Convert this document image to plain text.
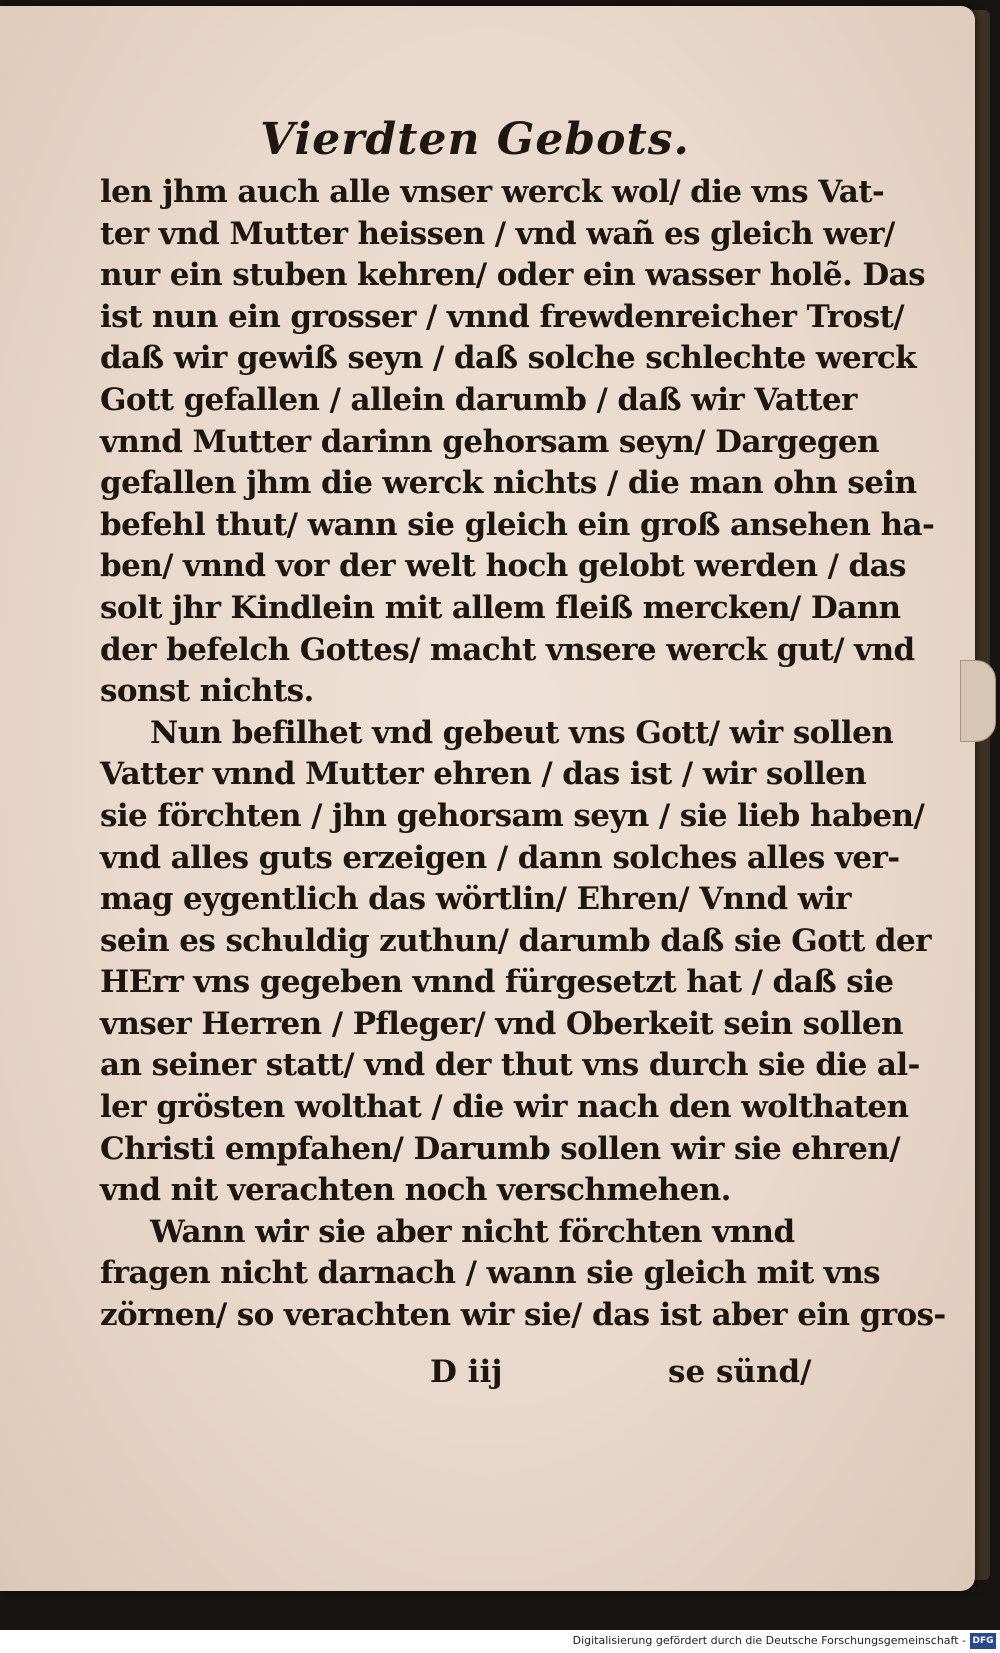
Vierdten Gebots.
len jhm auch alle vnser werck wol/ die vns Vat-
ter vnd Mutter heissen / vnd wañ es gleich wer/
nur ein stuben kehren/ oder ein wasser holẽ. Das
ist nun ein grosser / vnnd frewdenreicher Trost/
daß wir gewiß seyn / daß solche schlechte werck
Gott gefallen / allein darumb / daß wir Vatter
vnnd Mutter darinn gehorsam seyn/ Dargegen
gefallen jhm die werck nichts / die man ohn sein
befehl thut/ wann sie gleich ein groß ansehen ha-
ben/ vnnd vor der welt hoch gelobt werden / das
solt jhr Kindlein mit allem fleiß mercken/ Dann
der befelch Gottes/ macht vnsere werck gut/ vnd
sonst nichts.
Nun befilhet vnd gebeut vns Gott/ wir sollen
Vatter vnnd Mutter ehren / das ist / wir sollen
sie förchten / jhn gehorsam seyn / sie lieb haben/
vnd alles guts erzeigen / dann solches alles ver-
mag eygentlich das wörtlin/ Ehren/ Vnnd wir
sein es schuldig zuthun/ darumb daß sie Gott der
HErr vns gegeben vnnd fürgesetzt hat / daß sie
vnser Herren / Pfleger/ vnd Oberkeit sein sollen
an seiner statt/ vnd der thut vns durch sie die al-
ler grösten wolthat / die wir nach den wolthaten
Christi empfahen/ Darumb sollen wir sie ehren/
vnd nit verachten noch verschmehen.
Wann wir sie aber nicht förchten vnnd
fragen nicht darnach / wann sie gleich mit vns
zörnen/ so verachten wir sie/ das ist aber ein gros-
D iij	se sünd/
Digitalisierung gefördert durch die Deutsche Forschungsgemeinschaft - DFG
